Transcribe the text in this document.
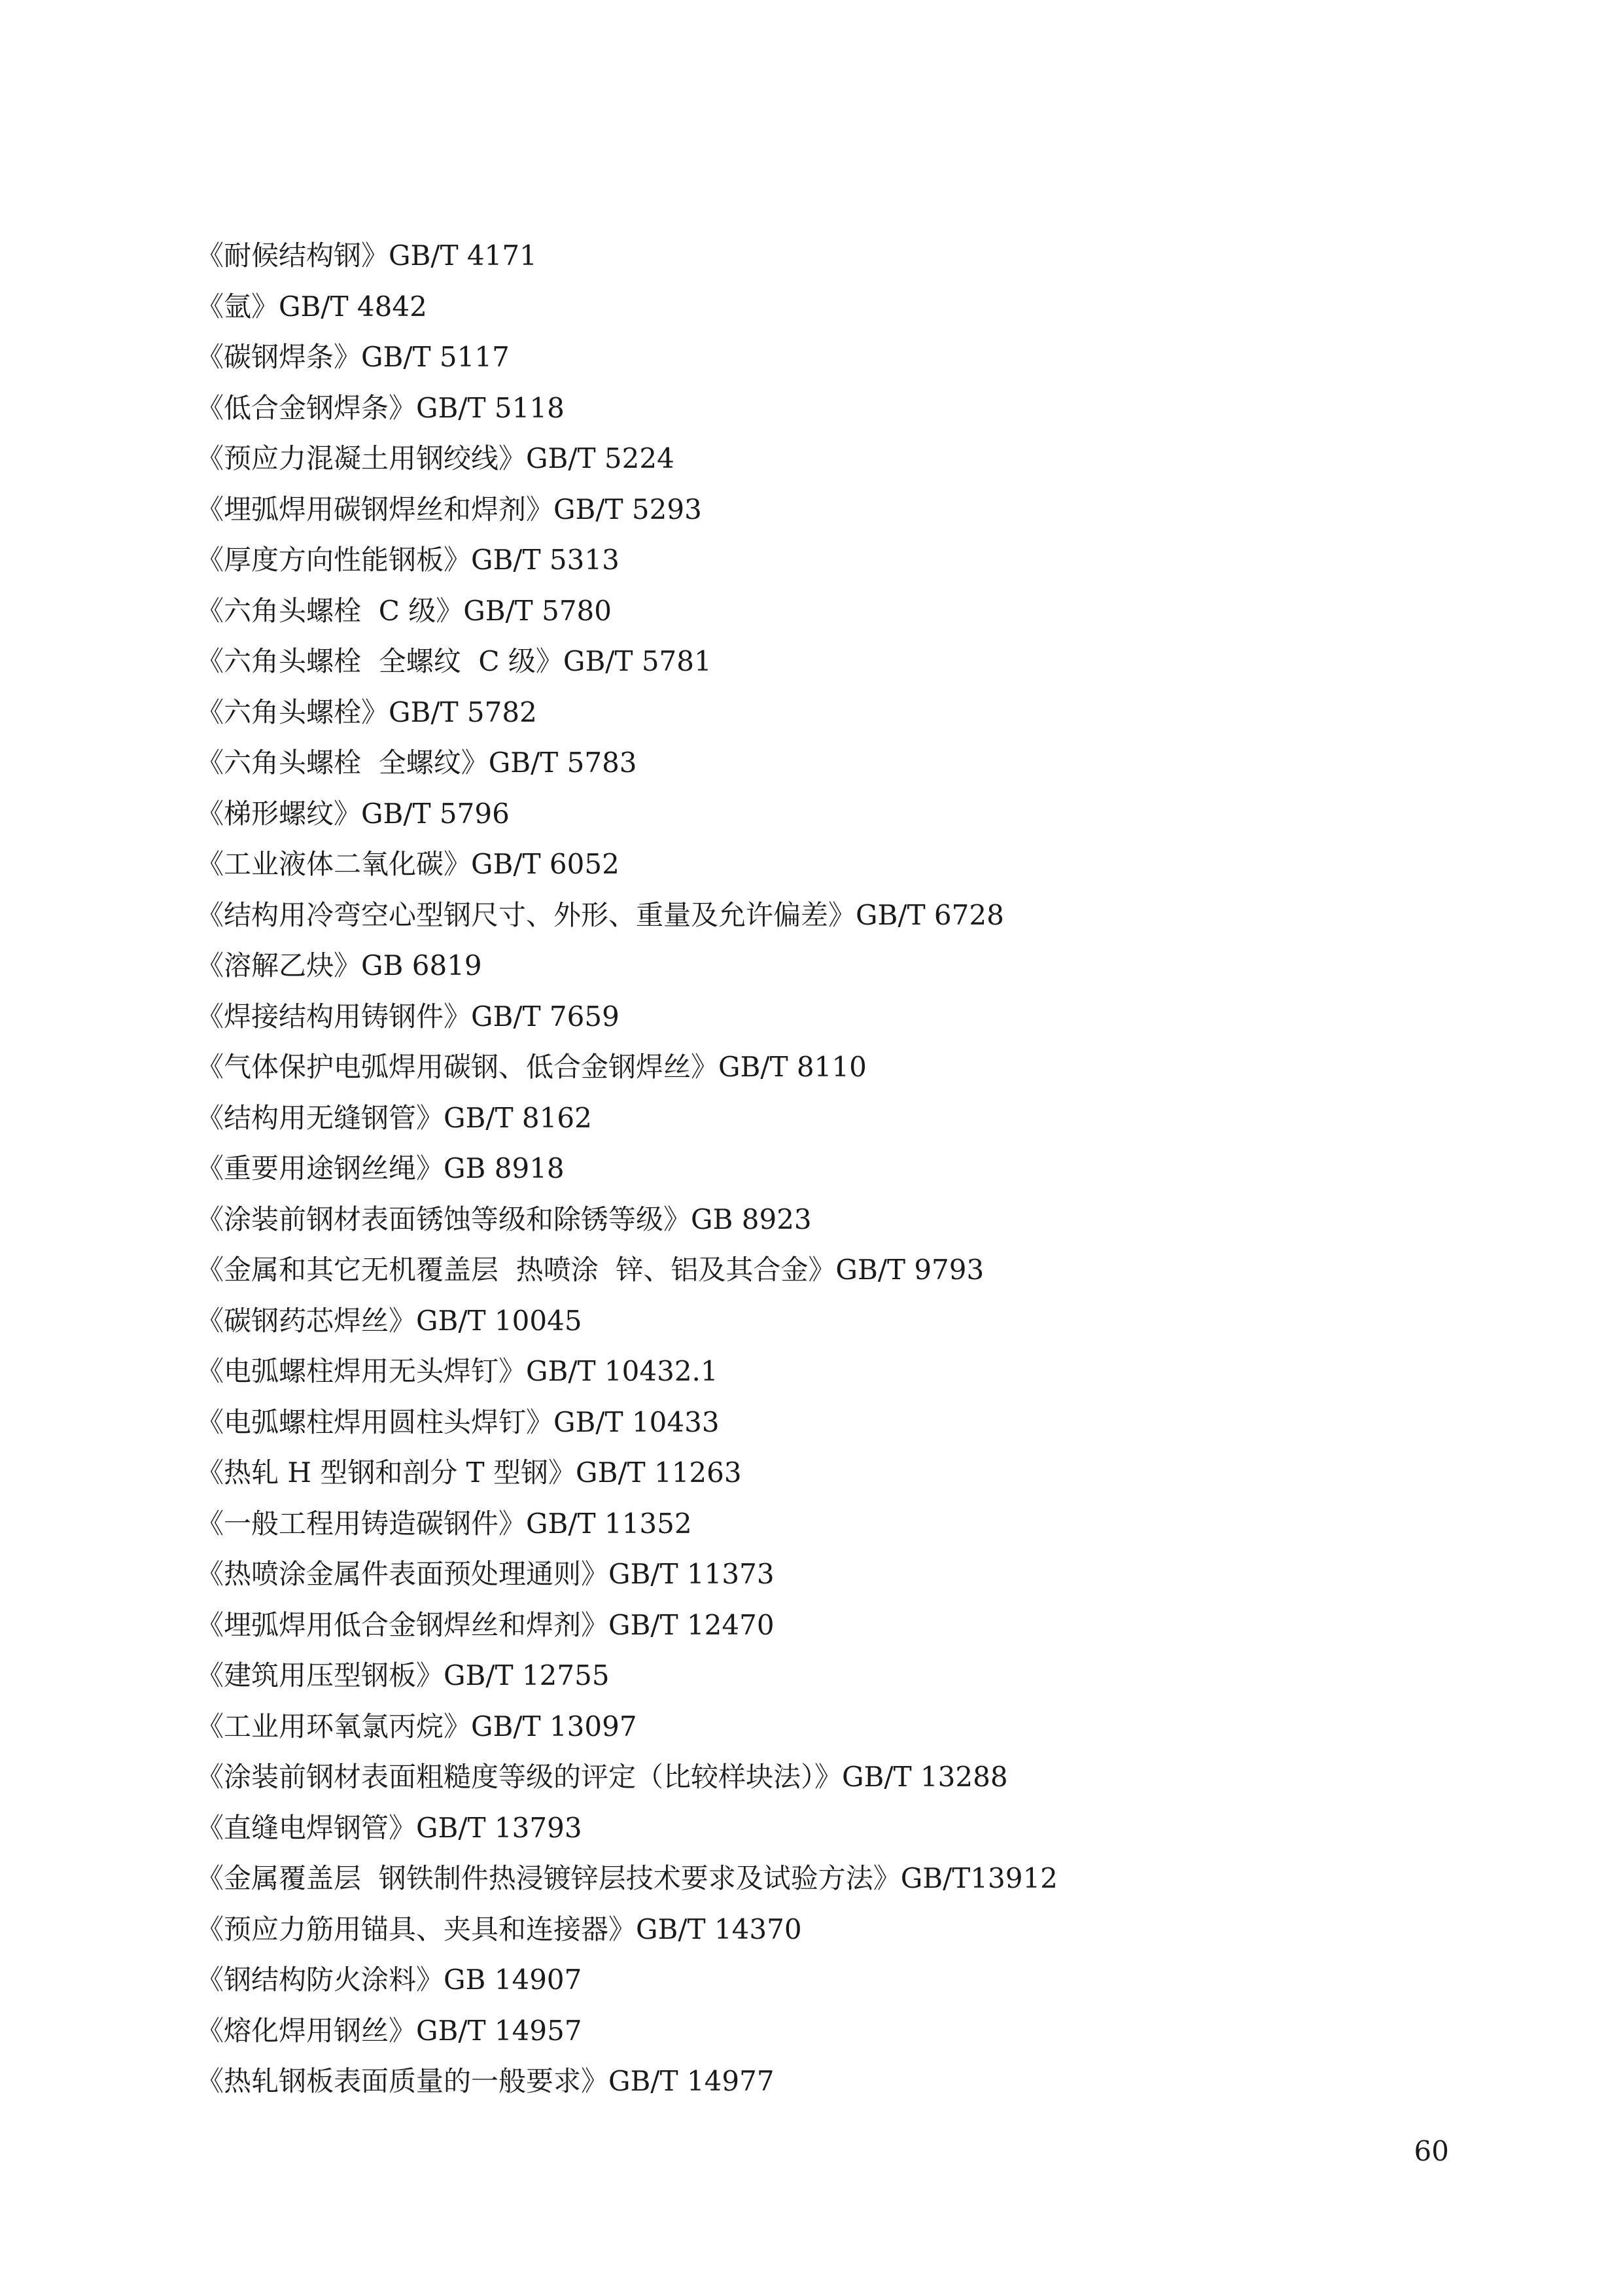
《耐候结构钢》GB/T 4171
《氩》GB/T 4842
《碳钢焊条》GB/T 5117
《低合金钢焊条》GB/T 5118
《预应力混凝土用钢绞线》GB/T 5224
《埋弧焊用碳钢焊丝和焊剂》GB/T 5293
《厚度方向性能钢板》GB/T 5313
《六角头螺栓  C 级》GB/T 5780
《六角头螺栓  全螺纹  C 级》GB/T 5781
《六角头螺栓》GB/T 5782
《六角头螺栓  全螺纹》GB/T 5783
《梯形螺纹》GB/T 5796
《工业液体二氧化碳》GB/T 6052
《结构用冷弯空心型钢尺寸、外形、重量及允许偏差》GB/T 6728
《溶解乙炔》GB 6819
《焊接结构用铸钢件》GB/T 7659
《气体保护电弧焊用碳钢、低合金钢焊丝》GB/T 8110
《结构用无缝钢管》GB/T 8162
《重要用途钢丝绳》GB 8918
《涂装前钢材表面锈蚀等级和除锈等级》GB 8923
《金属和其它无机覆盖层  热喷涂  锌、铝及其合金》GB/T 9793
《碳钢药芯焊丝》GB/T 10045
《电弧螺柱焊用无头焊钉》GB/T 10432.1
《电弧螺柱焊用圆柱头焊钉》GB/T 10433
《热轧 H 型钢和剖分 T 型钢》GB/T 11263
《一般工程用铸造碳钢件》GB/T 11352
《热喷涂金属件表面预处理通则》GB/T 11373
《埋弧焊用低合金钢焊丝和焊剂》GB/T 12470
《建筑用压型钢板》GB/T 12755
《工业用环氧氯丙烷》GB/T 13097
《涂装前钢材表面粗糙度等级的评定（比较样块法）》GB/T 13288
《直缝电焊钢管》GB/T 13793
《金属覆盖层  钢铁制件热浸镀锌层技术要求及试验方法》GB/T13912
《预应力筋用锚具、夹具和连接器》GB/T 14370
《钢结构防火涂料》GB 14907
《熔化焊用钢丝》GB/T 14957
《热轧钢板表面质量的一般要求》GB/T 14977
60
